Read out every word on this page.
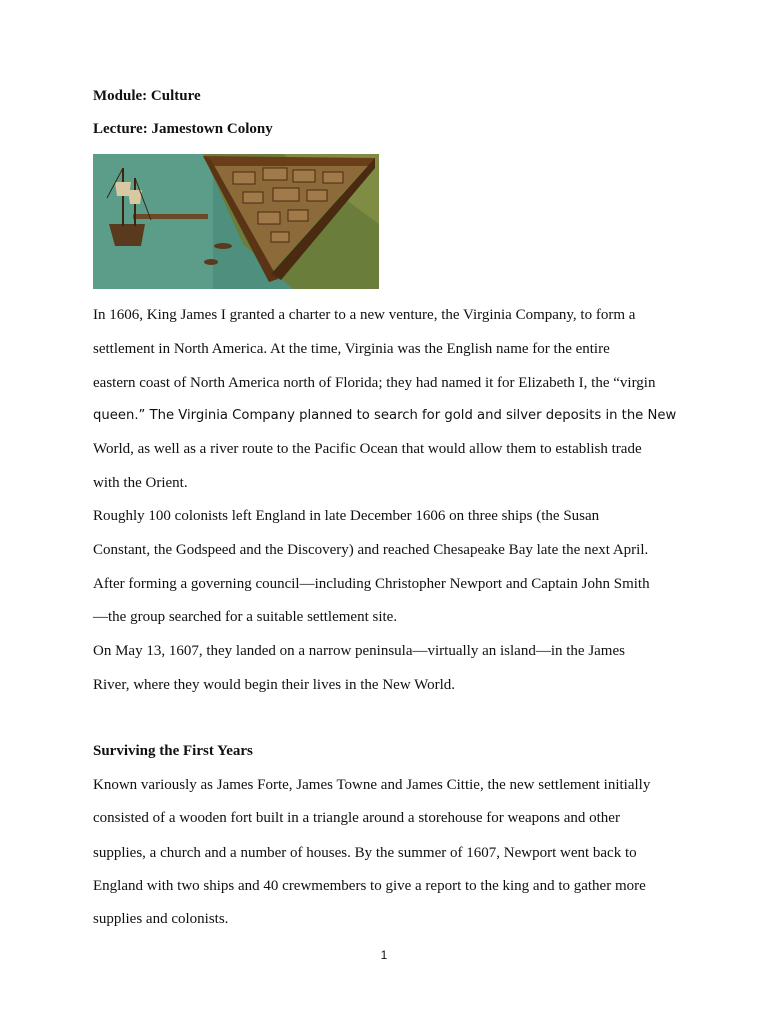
Module: Culture
Lecture: Jamestown Colony
In 1606, King James I granted a charter to a new venture, the Virginia Company, to form a
settlement in North America. At the time, Virginia was the English name for the entire
eastern coast of North America north of Florida; they had named it for Elizabeth I, the “virgin
queen.” The Virginia Company planned to search for gold and silver deposits in the New
World, as well as a river route to the Pacific Ocean that would allow them to establish trade
with the Orient.
Roughly 100 colonists left England in late December 1606 on three ships (the Susan
Constant, the Godspeed and the Discovery) and reached Chesapeake Bay late the next April.
After forming a governing council—including Christopher Newport and Captain John Smith
—the group searched for a suitable settlement site.
On May 13, 1607, they landed on a narrow peninsula—virtually an island—in the James
River, where they would begin their lives in the New World.
Surviving the First Years
Known variously as James Forte, James Towne and James Cittie, the new settlement initially
consisted of a wooden fort built in a triangle around a storehouse for weapons and other
supplies, a church and a number of houses. By the summer of 1607, Newport went back to
England with two ships and 40 crewmembers to give a report to the king and to gather more
supplies and colonists.
1
